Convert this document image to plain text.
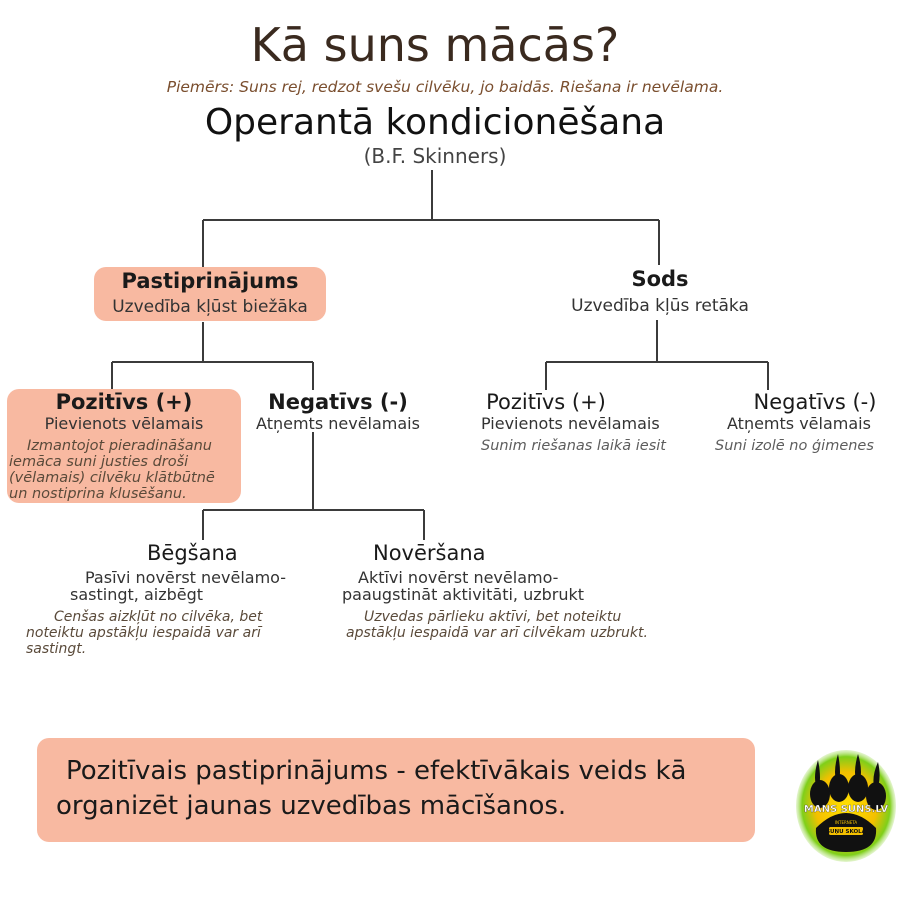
Kā suns mācās?
Piemērs: Suns rej, redzot svešu cilvēku, jo baidās. Riešana ir nevēlama.
Operantā kondicionēšana
(B.F. Skinners)
Pastiprinājums
Uzvedība kļūst biežāka
Sods
Uzvedība kļūs retāka
Pozitīvs (+)
Pievienots vēlamais
Izmantojot pieradināšanu
iemāca suni justies droši
(vēlamais) cilvēku klātbūtnē
un nostiprina klusēšanu.
Negatīvs (-)
Atņemts nevēlamais
Pozitīvs (+)
Pievienots nevēlamais
Sunim riešanas laikā iesit
Negatīvs (-)
Atņemts vēlamais
Suni izolē no ģimenes
Bēgšana
Pasīvi novērst nevēlamo-
sastingt, aizbēgt
Cenšas aizkļūt no cilvēka, bet
noteiktu apstākļu iespaidā var arī
sastingt.
Novēršana
Aktīvi novērst nevēlamo-
paaugstināt aktivitāti, uzbrukt
Uzvedas pārlieku aktīvi, bet noteiktu
apstākļu iespaidā var arī cilvēkam uzbrukt.
Pozitīvais pastiprinājums - efektīvākais veids kā
organizēt jaunas uzvedības mācīšanos.	MANS SUNS.LV
INTERNETA
SUŅU SKOLA
